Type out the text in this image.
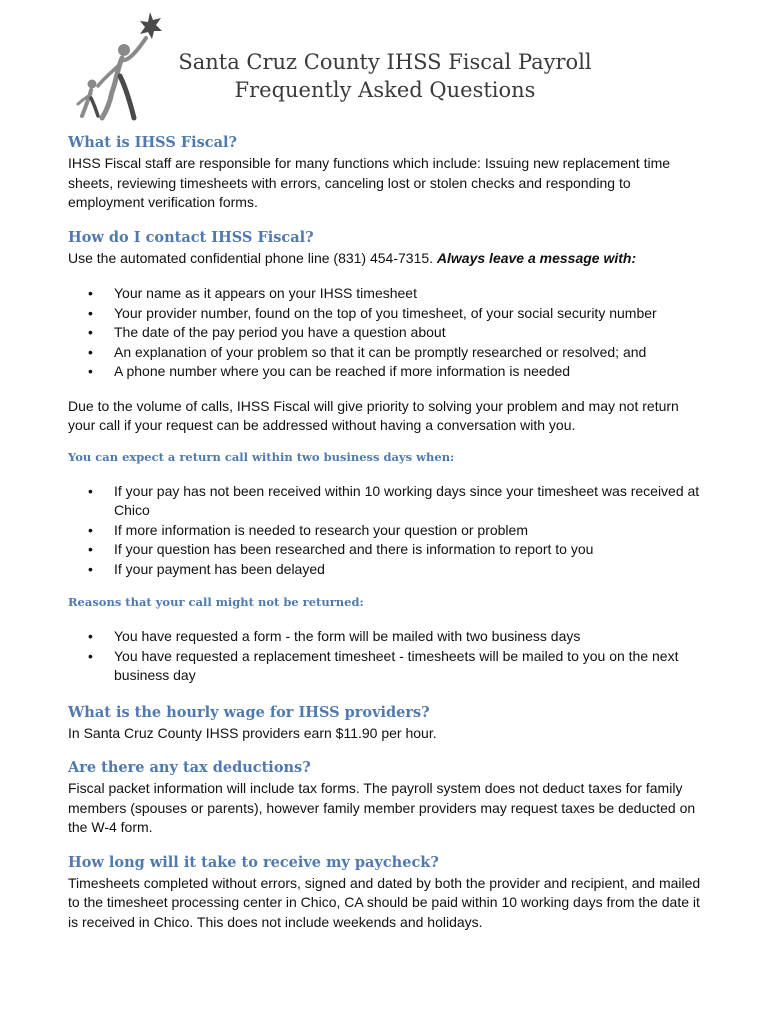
Santa Cruz County IHSS Fiscal Payroll
Frequently Asked Questions
What is IHSS Fiscal?

IHSS Fiscal staff are responsible for many functions which include: Issuing new replacement time sheets, reviewing timesheets with errors, canceling lost or stolen checks and responding to employment verification forms.

How do I contact IHSS Fiscal?

Use the automated confidential phone line (831) 454-7315. Always leave a message with:

• Your name as it appears on your IHSS timesheet
• Your provider number, found on the top of you timesheet, of your social security number
• The date of the pay period you have a question about
• An explanation of your problem so that it can be promptly researched or resolved; and
• A phone number where you can be reached if more information is needed

Due to the volume of calls, IHSS Fiscal will give priority to solving your problem and may not return your call if your request can be addressed without having a conversation with you.

You can expect a return call within two business days when:
• If your pay has not been received within 10 working days since your timesheet was received at Chico
• If more information is needed to research your question or problem
• If your question has been researched and there is information to report to you
• If your payment has been delayed
Reasons that your call might not be returned:
• You have requested a form - the form will be mailed with two business days
• You have requested a replacement timesheet - timesheets will be mailed to you on the next business day
What is the hourly wage for IHSS providers?

In Santa Cruz County IHSS providers earn $11.90 per hour.

Are there any tax deductions?

Fiscal packet information will include tax forms. The payroll system does not deduct taxes for family members (spouses or parents), however family member providers may request taxes be deducted on the W-4 form.

How long will it take to receive my paycheck?

Timesheets completed without errors, signed and dated by both the provider and recipient, and mailed to the timesheet processing center in Chico, CA should be paid within 10 working days from the date it is received in Chico. This does not include weekends and holidays.
